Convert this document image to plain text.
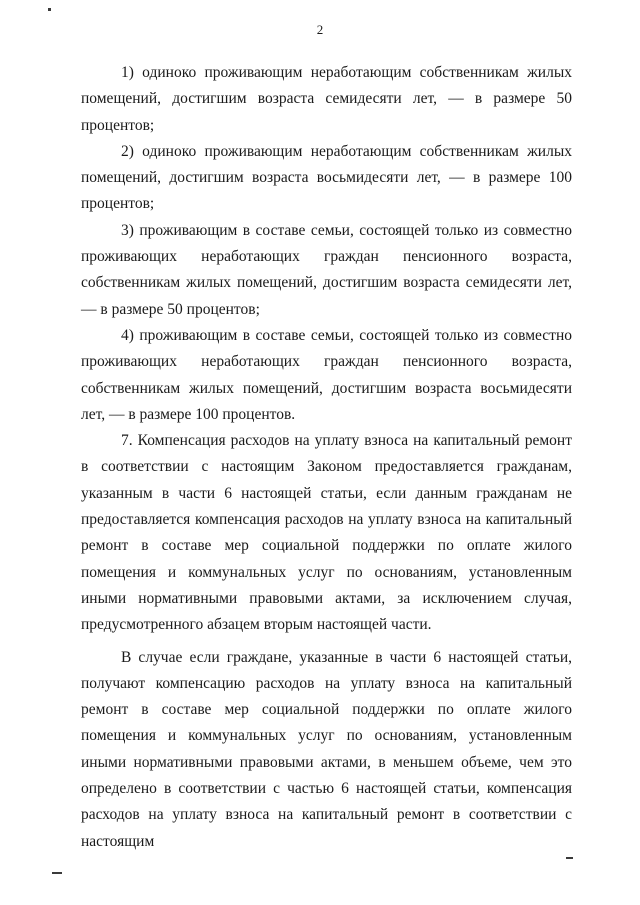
2

1) одиноко проживающим неработающим собственникам жилых помещений, достигшим возраста семидесяти лет, — в размере 50 процентов;

2) одиноко проживающим неработающим собственникам жилых помещений, достигшим возраста восьмидесяти лет, — в размере 100 процентов;

3) проживающим в составе семьи, состоящей только из совместно проживающих неработающих граждан пенсионного возраста, собственникам жилых помещений, достигшим возраста семидесяти лет, — в размере 50 процентов;

4) проживающим в составе семьи, состоящей только из совместно проживающих неработающих граждан пенсионного возраста, собственникам жилых помещений, достигшим возраста восьмидесяти лет, — в размере 100 процентов.

7. Компенсация расходов на уплату взноса на капитальный ремонт в соответствии с настоящим Законом предоставляется гражданам, указанным в части 6 настоящей статьи, если данным гражданам не предоставляется компенсация расходов на уплату взноса на капитальный ремонт в составе мер социальной поддержки по оплате жилого помещения и коммунальных услуг по основаниям, установленным иными нормативными правовыми актами, за исключением случая, предусмотренного абзацем вторым настоящей части.

В случае если граждане, указанные в части 6 настоящей статьи, получают компенсацию расходов на уплату взноса на капитальный ремонт в составе мер социальной поддержки по оплате жилого помещения и коммунальных услуг по основаниям, установленным иными нормативными правовыми актами, в меньшем объеме, чем это определено в соответствии с частью 6 настоящей статьи, компенсация расходов на уплату взноса на капитальный ремонт в соответствии с настоящим
